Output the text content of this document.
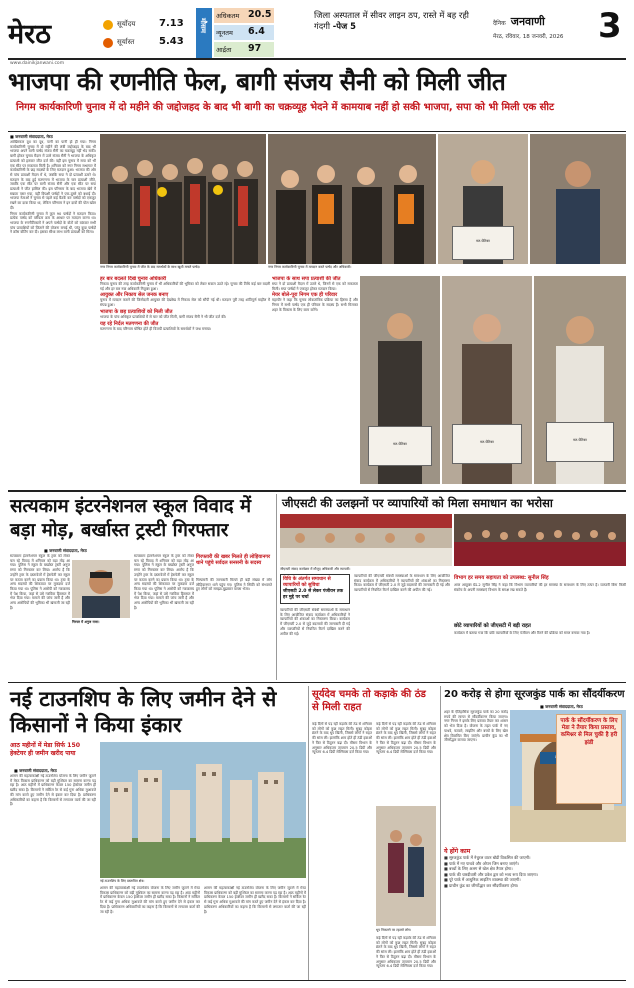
मेरठ	सूर्योदय 7.13
सूर्यास्त 5.43
मौसम
अधिकतम 20.5
न्यूनतम 6.4
आर्द्रता 97
जिला अस्पताल में सीवर लाइन ठप, रास्ते में बह रही गंदगी -पेज 5	दैनिक जनवाणी
मेरठ, रविवार, 18 जनवरी, 2026	3
www.dainikjanwani.com
भाजपा की रणनीति फेल, बागी संजय सैनी को मिली जीत
निगम कार्यकारिणी चुनाव में दो महीने की जद्दोजहद के बाद भी बागी का चक्रव्यूह भेदने में कामयाब नहीं हो सकी भाजपा, सपा को भी मिली एक सीट
■ जनवाणी संवाददाता, मेरठ

आखिरकार दूध का दूध, पानी का पानी हो ही गया। निगम कार्यकारिणी चुनाव में दो महीने की लंबी जद्दोजहद के बाद भी भाजपा अपने बागी पार्षद संजय सैनी का चक्रव्यूह नहीं भेद सकी। बागी होकर चुनाव मैदान में उतरे संजय सैनी ने भाजपा के अधिकृत प्रत्याशी को हराकर जीत दर्ज की। वहीं इस चुनाव में सपा को भी एक सीट पर सफलता मिली है। शनिवार को नगर निगम सभागार में कार्यकारिणी के छह सदस्यों के लिए मतदान हुआ। भाजपा की ओर से पांच प्रत्याशी मैदान में थे, जबकि सपा ने दो प्रत्याशी उतारे थे। मतदान के बाद हुई मतगणना में भाजपा के चार प्रत्याशी जीते, जबकि एक सीट पर बागी संजय सैनी और एक सीट पर सपा प्रत्याशी ने जीत हासिल की। इस परिणाम के बाद भाजपा खेमे में सन्नाटा पसर गया, वहीं विपक्षी पार्षदों ने एक-दूसरे को बधाई दी। भाजपा नेताओं ने चुनाव से पहले कई बैठकें कर पार्षदों को एकजुट रखने का दावा किया था, लेकिन परिणाम ने इन दावों की पोल खोल दी।

निगम कार्यकारिणी चुनाव में कुल 90 पार्षदों ने मतदान किया। प्रत्येक पार्षद को वरीयता क्रम के आधार पर मतदान करना था। भाजपा के रणनीतिकारों ने अपने पार्षदों के वोटों को बांटकर सभी पांच प्रत्याशियों को जिताने की योजना बनाई थी, परंतु कुछ पार्षदों ने क्रॉस वोटिंग कर दी। इसका सीधा लाभ बागी प्रत्याशी को मिला।

नगर निगम कार्यकारिणी चुनाव में जीत के बाद समर्थकों के साथ खुशी मनाते पार्षद।	नगर निगम कार्यकारिणी चुनाव में मतदान करते पार्षद और अधिकारी।
हर बार बदलते दिखे चुनाव अधिकारी

निकाय चुनाव की तरह कार्यकारिणी चुनाव में भी अधिकारियों की भूमिका को लेकर सवाल उठते रहे। चुनाव की तिथि कई बार बदली गई और हर बार नया अधिकारी नियुक्त हुआ।

आयुक्त और निकाय सेल जनक बनाए

चुनाव में मतदान कराने की जिम्मेदारी आयुक्त की देखरेख में निकाय सेल को सौंपी गई थी। मतदान पूरी तरह शांतिपूर्ण माहौल में संपन्न हुआ।

भाजपा के छह प्रत्याशियों को मिली जीत

भाजपा के पांच अधिकृत प्रत्याशियों में से चार को जीत मिली, बागी संजय सैनी ने भी जीत दर्ज की।

यह रहे निर्दल मतगणना की जीत

मतगणना के बाद परिणाम घोषित होते ही विजयी प्रत्याशियों के समर्थकों ने जश्न मनाया।

भाजपा के साथ सपा प्रत्याशी की जीत

सपा ने दो प्रत्याशी मैदान में उतारे थे, जिनमें से एक को सफलता मिली। सपा पार्षदों ने एकजुट होकर मतदान किया।

मेयर बोले-पूरा निगम एक ही परिवार

महापौर ने कहा कि चुनाव लोकतांत्रिक प्रक्रिया का हिस्सा है और निगम में सभी पार्षद एक ही परिवार के सदस्य हैं। सभी मिलकर शहर के विकास के लिए काम करेंगे।

मत-पेटिका
मत-पेटिका	मत-पेटिका	मत-पेटिका
सत्यकाम इंटरनेशनल स्कूल विवाद में बड़ा मोड़, बर्खास्त ट्रस्टी गिरफ्तार
■ जनवाणी संवाददाता, मेरठ
सत्यकाम इंटरनेशनल स्कूल के ट्रस्ट को लेकर चल रहे विवाद में शनिवार को बड़ा मोड़ आ गया। पुलिस ने स्कूल के बर्खास्त ट्रस्टी अनुज राणा को गिरफ्तार कर लिया। आरोप है कि उन्होंने ट्रस्ट के दस्तावेजों में हेराफेरी कर स्कूल पर कब्जा करने का प्रयास किया था। ट्रस्ट के अन्य सदस्यों की शिकायत पर मुकदमा दर्ज किया गया था। पुलिस ने आरोपी को न्यायालय में पेश किया, जहां से उसे न्यायिक हिरासत में भेज दिया गया। मामले की जांच जारी है और अन्य आरोपियों की भूमिका भी खंगाली जा रही है।
गिरफ्त में अनुज राणा।
सत्यकाम इंटरनेशनल स्कूल के ट्रस्ट को लेकर चल रहे विवाद में शनिवार को बड़ा मोड़ आ गया। पुलिस ने स्कूल के बर्खास्त ट्रस्टी अनुज राणा को गिरफ्तार कर लिया। आरोप है कि उन्होंने ट्रस्ट के दस्तावेजों में हेराफेरी कर स्कूल पर कब्जा करने का प्रयास किया था। ट्रस्ट के अन्य सदस्यों की शिकायत पर मुकदमा दर्ज किया गया था। पुलिस ने आरोपी को न्यायालय में पेश किया, जहां से उसे न्यायिक हिरासत में भेज दिया गया। मामले की जांच जारी है और अन्य आरोपियों की भूमिका भी खंगाली जा रही है।
गिरफ्तारी की खबर मिलते ही लोहियानगर थाने पहुंचे सर्वदल सनसनी के सदस्य
गिरफ्तारी की जानकारी मिलते ही बड़ी संख्या में लोग लोहियानगर थाने पहुंच गए। पुलिस ने स्थिति को संभालते हुए लोगों को समझा-बुझाकर वापस भेजा।
जीएसटी की उलझनों पर व्यापारियों को मिला समाधान का भरोसा
जीएसटी संवाद कार्यक्रम में मौजूद अधिकारी और व्यापारी।
विधि के अंतर्गत समाधान से व्यापारियों को सुविधा
जीएसटी 2.0 से लेकर पंजीयन तक हर मुद्दे पर चर्चा
व्यापारियों की जीएसटी संबंधी समस्याओं के समाधान के लिए आयोजित संवाद कार्यक्रम में अधिकारियों ने व्यापारियों की शंकाओं का निस्तारण किया। कार्यक्रम में जीएसटी 2.0 से जुड़े बदलावों की जानकारी दी गई और व्यापारियों से नियमित रिटर्न दाखिल करने की अपील की गई।
व्यापारियों की जीएसटी संबंधी समस्याओं के समाधान के लिए आयोजित संवाद कार्यक्रम में अधिकारियों ने व्यापारियों की शंकाओं का निस्तारण किया। कार्यक्रम में जीएसटी 2.0 से जुड़े बदलावों की जानकारी दी गई और व्यापारियों से नियमित रिटर्न दाखिल करने की अपील की गई।
विभाग हर समय सहायता को उपलब्ध: सुनील सिंह
अपर आयुक्त ग्रेड-2 सुनील सिंह ने कहा कि विभाग व्यापारियों की हर समस्या के समाधान के लिए तत्पर है। व्यापारी बिना किसी संकोच के अपनी समस्याएं विभाग के समक्ष रख सकते हैं।
छोटे व्यापारियों को जीएसटी में बड़ी राहत
कार्यक्रम में बताया गया कि छोटे व्यापारियों के लिए पंजीयन और रिटर्न की प्रक्रिया को सरल बनाया गया है।
नई टाउनशिप के लिए जमीन देने से किसानों ने किया इंकार
आठ महीनों में मेडा सिर्फ 150 हेक्टेयर ही जमीन खरीद पाया
■ जनवाणी संवाददाता, मेरठ
शासन की महत्वाकांक्षी नई टाउनशिप योजना के लिए जमीन जुटाने में मेरठ विकास प्राधिकरण को बड़ी मुश्किल का सामना करना पड़ रहा है। आठ महीनों में प्राधिकरण केवल 150 हेक्टेयर जमीन ही खरीद सका है। किसानों ने सर्किल रेट से कई गुना अधिक मुआवजे की मांग करते हुए जमीन देने से इंकार कर दिया है। प्राधिकरण अधिकारियों का कहना है कि किसानों से लगातार वार्ता की जा रही है।
नई टाउनशिप के लिए प्रस्तावित क्षेत्र।
शासन की महत्वाकांक्षी नई टाउनशिप योजना के लिए जमीन जुटाने में मेरठ विकास प्राधिकरण को बड़ी मुश्किल का सामना करना पड़ रहा है। आठ महीनों में प्राधिकरण केवल 150 हेक्टेयर जमीन ही खरीद सका है। किसानों ने सर्किल रेट से कई गुना अधिक मुआवजे की मांग करते हुए जमीन देने से इंकार कर दिया है। प्राधिकरण अधिकारियों का कहना है कि किसानों से लगातार वार्ता की जा रही है।
शासन की महत्वाकांक्षी नई टाउनशिप योजना के लिए जमीन जुटाने में मेरठ विकास प्राधिकरण को बड़ी मुश्किल का सामना करना पड़ रहा है। आठ महीनों में प्राधिकरण केवल 150 हेक्टेयर जमीन ही खरीद सका है। किसानों ने सर्किल रेट से कई गुना अधिक मुआवजे की मांग करते हुए जमीन देने से इंकार कर दिया है। प्राधिकरण अधिकारियों का कहना है कि किसानों से लगातार वार्ता की जा रही है।
सूर्यदेव चमके तो कड़ाके की ठंड से मिली राहत
कई दिनों से पड़ रही कड़ाके की ठंड से शनिवार को लोगों को कुछ राहत मिली। सुबह कोहरा छंटने के बाद धूप खिली, जिससे लोगों ने राहत की सांस ली। हालांकि शाम होते ही ठंडी हवाओं ने फिर से ठिठुरन बढ़ा दी। मौसम विभाग के अनुसार अधिकतम तापमान 20.5 डिग्री और न्यूनतम 6.4 डिग्री सेल्सियस दर्ज किया गया।
कई दिनों से पड़ रही कड़ाके की ठंड से शनिवार को लोगों को कुछ राहत मिली। सुबह कोहरा छंटने के बाद धूप खिली, जिससे लोगों ने राहत की सांस ली। हालांकि शाम होते ही ठंडी हवाओं ने फिर से ठिठुरन बढ़ा दी। मौसम विभाग के अनुसार अधिकतम तापमान 20.5 डिग्री और न्यूनतम 6.4 डिग्री सेल्सियस दर्ज किया गया।
धूप निकलने पर टहलते लोग।
कई दिनों से पड़ रही कड़ाके की ठंड से शनिवार को लोगों को कुछ राहत मिली। सुबह कोहरा छंटने के बाद धूप खिली, जिससे लोगों ने राहत की सांस ली। हालांकि शाम होते ही ठंडी हवाओं ने फिर से ठिठुरन बढ़ा दी। मौसम विभाग के अनुसार अधिकतम तापमान 20.5 डिग्री और न्यूनतम 6.4 डिग्री सेल्सियस दर्ज किया गया।
20 करोड़ से होगा सूरजकुंड पार्क का सौंदर्यीकरण
■ जनवाणी संवाददाता, मेरठ
शहर के ऐतिहासिक सूरजकुंड पार्क का 20 करोड़ रुपये की लागत से सौंदर्यीकरण किया जाएगा। नगर निगम ने इसके लिए प्रस्ताव तैयार कर शासन को भेज दिया है। योजना के तहत पार्क में नए पाथवे, फव्वारे, लाइटिंग और बच्चों के लिए खेल क्षेत्र विकसित किए जाएंगे। प्राचीन कुंड का भी जीर्णोद्धार कराया जाएगा।
पार्क के सौंदर्यीकरण के लिए मेडा ने तैयार किया प्रस्ताव, कमिश्नर से मिल चुकी है हरी झंडी
ये होंगे काम
■ सूरजकुंड पार्क में नेचुरल वाटर बॉडी विकसित की जाएगी।
■ पार्क में नए पाथवे और ओपन जिम बनाए जाएंगे।
■ बच्चों के लिए अलग से खेल क्षेत्र तैयार होगा।
■ पार्क की चारदीवारी और प्रवेश द्वार को भव्य रूप दिया जाएगा।
■ पूरे पार्क में आधुनिक लाइटिंग व्यवस्था की जाएगी।
■ प्राचीन कुंड का जीर्णोद्धार कर सौंदर्यीकरण होगा।
